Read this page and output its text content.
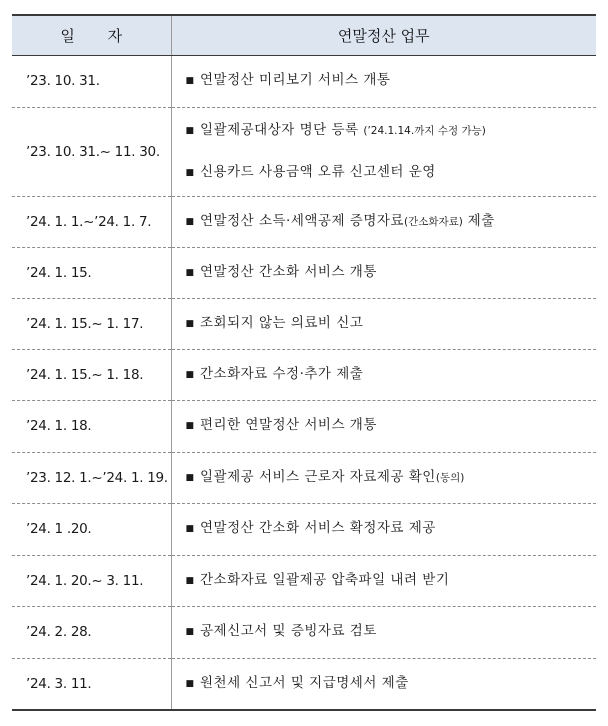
일 자	연말정산 업무
’23. 10. 31.	■ 연말정산 미리보기 서비스 개통

’23. 10. 31.~ 11. 30.	■ 일괄제공대상자 명단 등록 (’24.1.14.까지 수정 가능)
■ 신용카드 사용금액 오류 신고센터 운영

’24. 1. 1.~’24. 1. 7.	■ 연말정산 소득·세액공제 증명자료(간소화자료) 제출

’24. 1. 15.	■ 연말정산 간소화 서비스 개통

’24. 1. 15.~ 1. 17.	■ 조회되지 않는 의료비 신고

’24. 1. 15.~ 1. 18.	■ 간소화자료 수정·추가 제출

’24. 1. 18.	■ 편리한 연말정산 서비스 개통

’23. 12. 1.~’24. 1. 19.	■ 일괄제공 서비스 근로자 자료제공 확인(동의)

’24. 1 .20.	■ 연말정산 간소화 서비스 확정자료 제공

’24. 1. 20.~ 3. 11.	■ 간소화자료 일괄제공 압축파일 내려 받기

’24. 2. 28.	■ 공제신고서 및 증빙자료 검토

’24. 3. 11.	■ 원천세 신고서 및 지급명세서 제출
